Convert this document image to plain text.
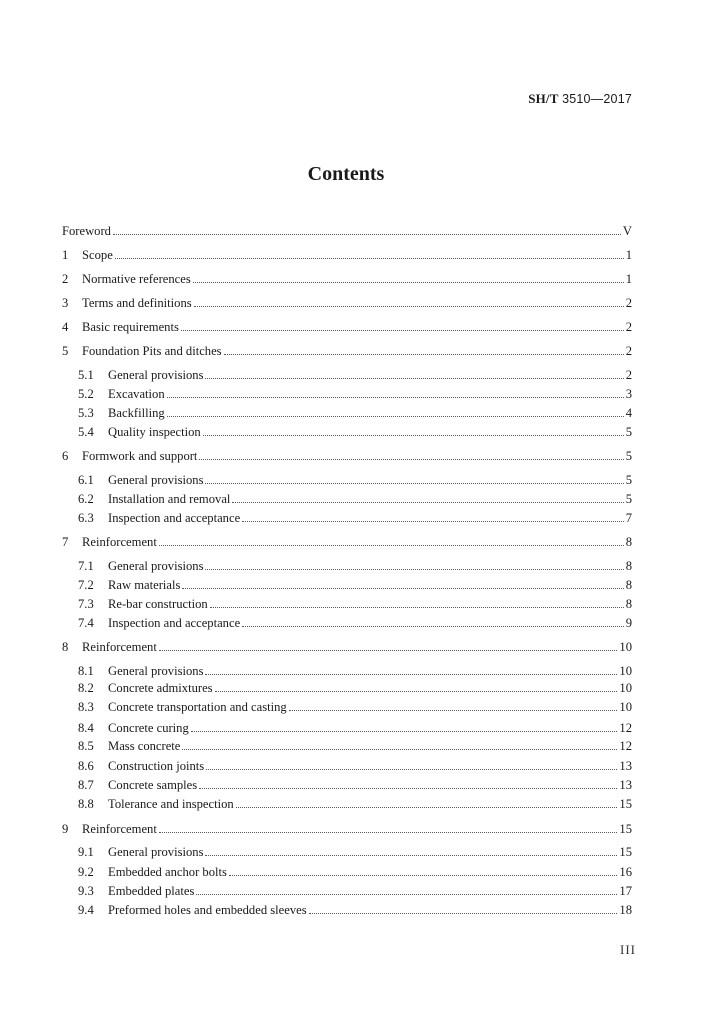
SH/T 3510—2017
Contents
Foreword	V
1	Scope	1
2	Normative references	1
3	Terms and definitions	2
4	Basic requirements	2
5	Foundation Pits and ditches	2
5.1	General provisions	2
5.2	Excavation	3
5.3	Backfilling	4
5.4	Quality inspection	5
6	Formwork and support	5
6.1	General provisions	5
6.2	Installation and removal	5
6.3	Inspection and acceptance	7
7	Reinforcement	8
7.1	General provisions	8
7.2	Raw materials	8
7.3	Re-bar construction	8
7.4	Inspection and acceptance	9
8	Reinforcement	10
8.1	General provisions	10
8.2	Concrete admixtures	10
8.3	Concrete transportation and casting	10
8.4	Concrete curing	12
8.5	Mass concrete	12
8.6	Construction joints	13
8.7	Concrete samples	13
8.8	Tolerance and inspection	15
9	Reinforcement	15
9.1	General provisions	15
9.2	Embedded anchor bolts	16
9.3	Embedded plates	17
9.4	Preformed holes and embedded sleeves	18
III
